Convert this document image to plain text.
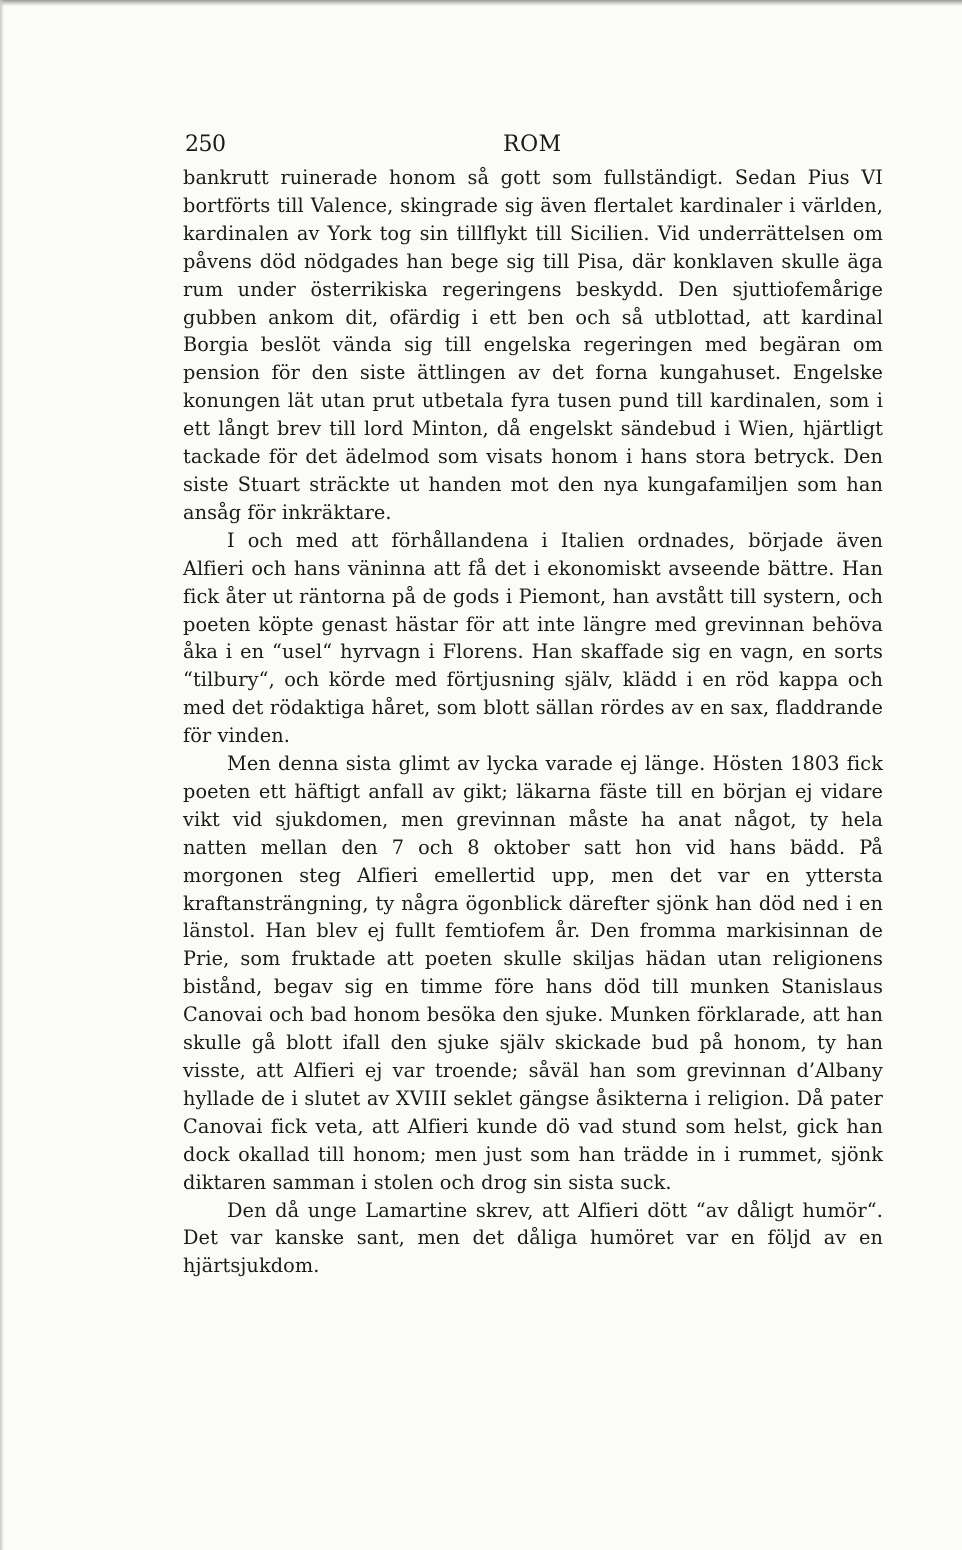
250	ROM

bankrutt ruinerade honom så gott som fullständigt. Sedan Pius VI bortförts till Valence, skingrade sig även flertalet kardinaler i världen, kardinalen av York tog sin tillflykt till Sicilien. Vid underrättelsen om påvens död nödgades han bege sig till Pisa, där konklaven skulle äga rum under österrikiska regeringens beskydd. Den sjuttiofemårige gubben ankom dit, ofärdig i ett ben och så utblottad, att kardinal Borgia beslöt vända sig till engelska regeringen med begäran om pension för den siste ättlingen av det forna kungahuset. Engelske konungen lät utan prut utbetala fyra tusen pund till kardinalen, som i ett långt brev till lord Minton, då engelskt sändebud i Wien, hjärtligt tackade för det ädelmod som visats honom i hans stora betryck. Den siste Stuart sträckte ut handen mot den nya kungafamiljen som han ansåg för inkräktare.

I och med att förhållandena i Italien ordnades, började även Alfieri och hans väninna att få det i ekonomiskt avseende bättre. Han fick åter ut räntorna på de gods i Piemont, han avstått till systern, och poeten köpte genast hästar för att inte längre med grevinnan behöva åka i en “usel“ hyrvagn i Florens. Han skaffade sig en vagn, en sorts “tilbury“, och körde med förtjusning själv, klädd i en röd kappa och med det rödaktiga håret, som blott sällan rördes av en sax, fladdrande för vinden.

Men denna sista glimt av lycka varade ej länge. Hösten 1803 fick poeten ett häftigt anfall av gikt; läkarna fäste till en början ej vidare vikt vid sjukdomen, men grevinnan måste ha anat något, ty hela natten mellan den 7 och 8 oktober satt hon vid hans bädd. På morgonen steg Alfieri emellertid upp, men det var en yttersta kraftansträngning, ty några ögonblick därefter sjönk han död ned i en länstol. Han blev ej fullt femtiofem år. Den fromma markisinnan de Prie, som fruktade att poeten skulle skiljas hädan utan religionens bistånd, begav sig en timme före hans död till munken Stanislaus Canovai och bad honom besöka den sjuke. Munken förklarade, att han skulle gå blott ifall den sjuke själv skickade bud på honom, ty han visste, att Alfieri ej var troende; såväl han som grevinnan d’Albany hyllade de i slutet av XVIII seklet gängse åsikterna i religion. Då pater Canovai fick veta, att Alfieri kunde dö vad stund som helst, gick han dock okallad till honom; men just som han trädde in i rummet, sjönk diktaren samman i stolen och drog sin sista suck.

Den då unge Lamartine skrev, att Alfieri dött “av dåligt humör“. Det var kanske sant, men det dåliga humöret var en följd av en hjärtsjukdom.
